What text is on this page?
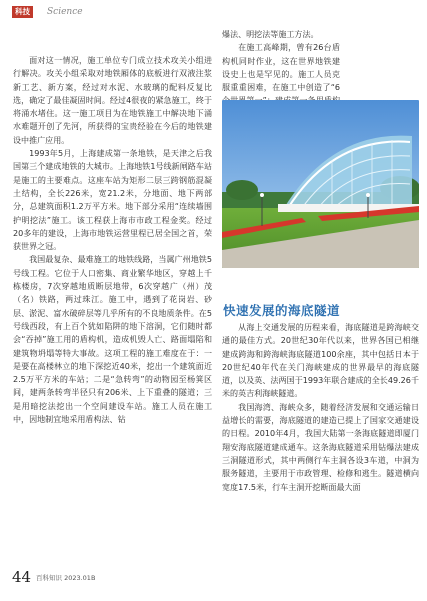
科技	Science

面对这一情况，施工单位专门成立技术攻关小组进行解决。攻关小组采取对地铁厢体的底板进行双液注浆新工艺、新方案，经过对水泥、水玻璃的配料反复比选，确定了最佳凝固时间。经过4很夜的紧急施工，终于将涌水堵住。这一施工项目为在地铁施工中解决地下涌水难题开创了先河，所获得的宝贵经验在今后的地铁建设中推广应用。

1993年5月，上海建成第一条地铁，是天津之后我国第三个建成地铁的大城市。上海地铁1号线新闸路车站是施工的主要难点。这座车站为矩形二层三跨钢筋混凝土结构，全长226米，宽21.2米，分地面、地下两部分，总建筑面积1.2万平方米。地下部分采用“连续墙围护明挖法”施工。该工程获上海市市政工程金奖。经过20多年的建设，上海市地铁运营里程已居全国之首，荣获世界之冠。

我国最复杂、最难施工的地铁线路，当属广州地铁5号线工程。它位于人口密集、商业繁华地区，穿越上千栋楼房，7次穿越地质断层地带，6次穿越广（州）茂（名）铁路，两过珠江。施工中，遇到了花岗岩、砂层、淤泥、富水破碎层等几乎所有的不良地质条件。在5号线西段，有上百个犹如陷阱的地下溶洞，它们随时都会“吞掉”施工用的盾构机，造成机毁人亡、路面塌陷和建筑物坍塌等特大事故。这项工程的施工难度在于：一是要在高楼林立的地下深挖近40米，挖出一个建筑面近2.5万平方米的车站；二是“急转弯”的动物园至杨箕区间，建两条转弯半径只有206米、上下重叠的隧道；三是用暗挖法挖出一个空间建设车站。施工人员在施工中，因地制宜地采用盾构法、钻

爆法、明挖法等施工方法。

在施工高峰期，曾有26台盾构机同时作业，这在世界地铁建设史上也是罕见的。施工人员克服重重困难，在施工中创造了“6

快速发展的海底隧道

从海上交通发展的历程来看，海底隧道是跨海峡交通的最佳方式。20世纪30年代以来，世界各国已相继建成跨海和跨海峡海底隧道100余座，其中包括日本于20世纪40年代在关门海峡建成的世界最早的海底隧道，以及英、法两国于1993年联合建成的全长49.26千米的英吉利海峡隧道。

我国海湾、海峡众多，随着经济发展和交通运输日益增长的需要，海底隧道的建造已提上了国家交通建设的日程。2010年4月，我国大陆第一条海底隧道即厦门翔安海底隧道建成通车。这条海底隧道采用钻爆法建成三洞隧道形式，其中两侧行车主洞各设3车道，中洞为服务隧道，主要用于市政管理、检修和逃生。隧道横向宽度17.5米，行车主洞开挖断面最大面

44 百科知识 2023.01B
